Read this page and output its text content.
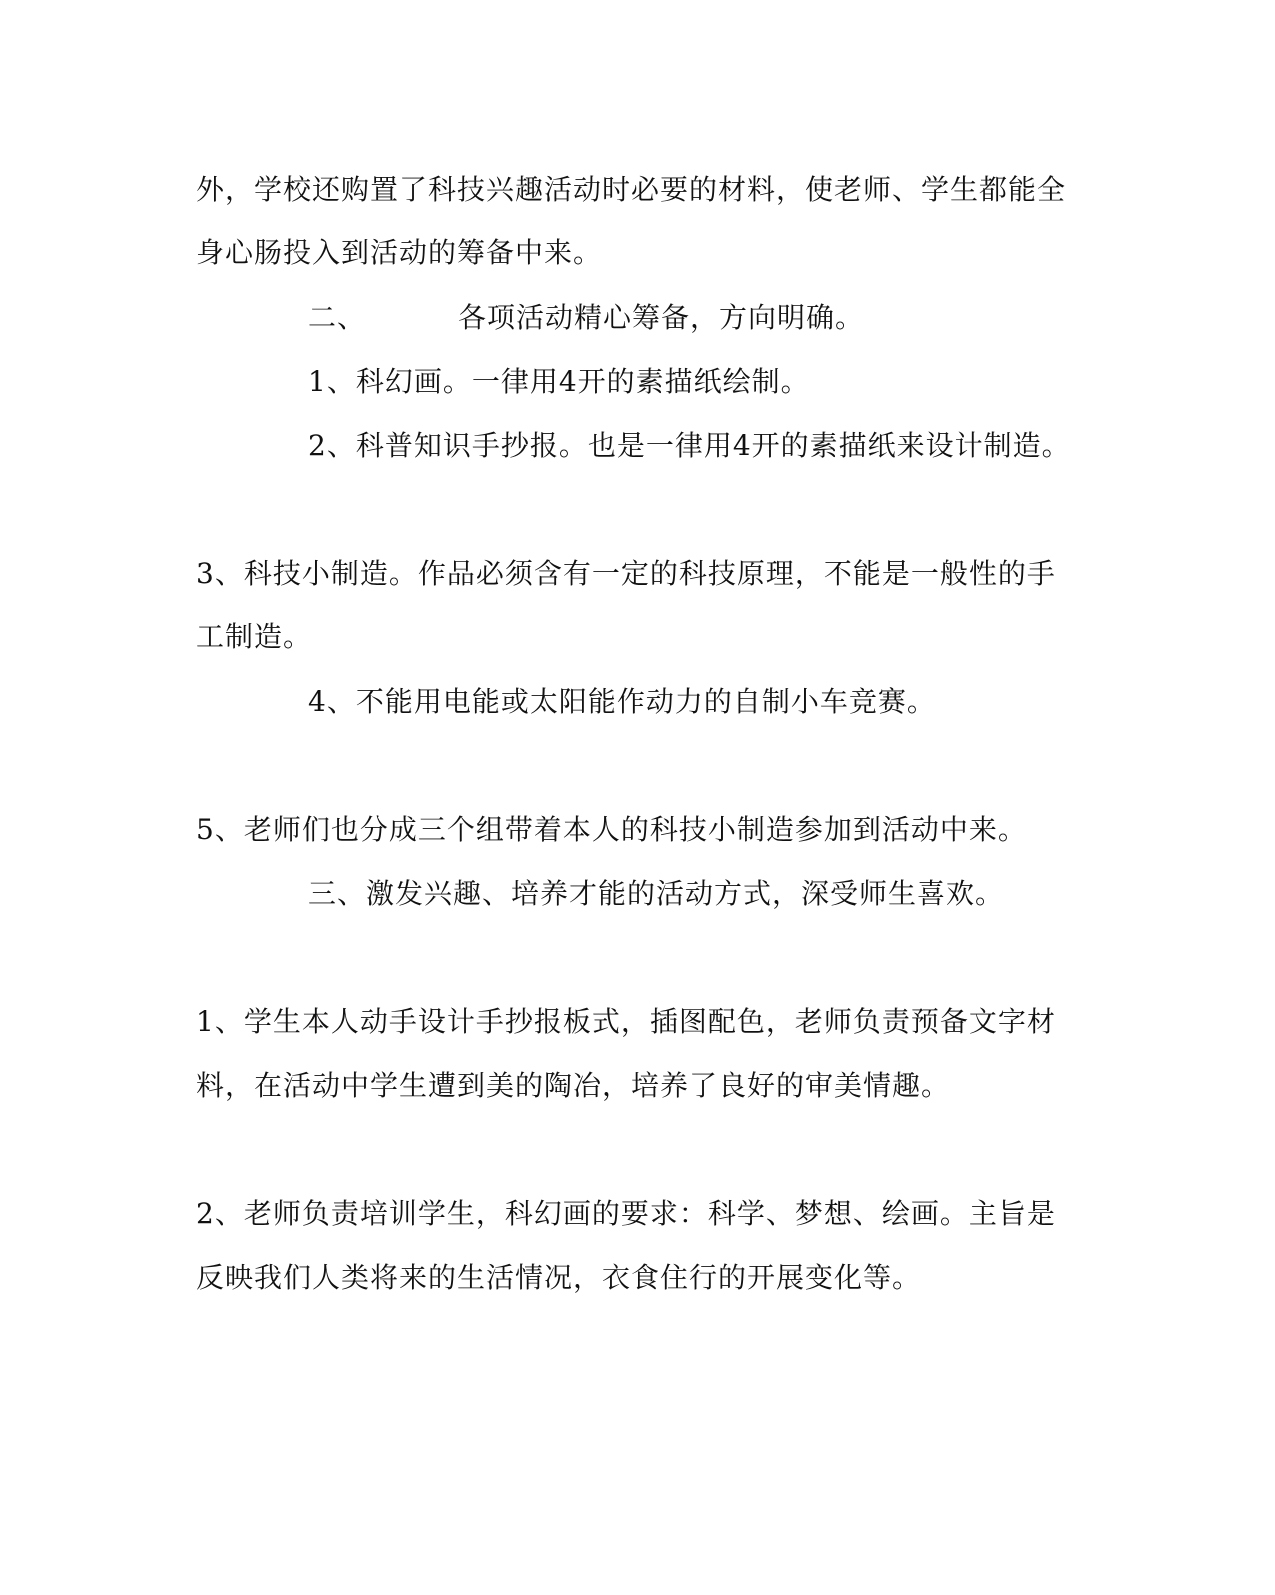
外，学校还购置了科技兴趣活动时必要的材料，使老师、学生都能全
身心肠投入到活动的筹备中来。
二、	各项活动精心筹备，方向明确。
1、科幻画。一律用4开的素描纸绘制。
2、科普知识手抄报。也是一律用4开的素描纸来设计制造。
3、科技小制造。作品必须含有一定的科技原理，不能是一般性的手
工制造。
4、不能用电能或太阳能作动力的自制小车竞赛。
5、老师们也分成三个组带着本人的科技小制造参加到活动中来。
三、激发兴趣、培养才能的活动方式，深受师生喜欢。
1、学生本人动手设计手抄报板式，插图配色，老师负责预备文字材
料，在活动中学生遭到美的陶冶，培养了良好的审美情趣。
2、老师负责培训学生，科幻画的要求：科学、梦想、绘画。主旨是
反映我们人类将来的生活情况，衣食住行的开展变化等。
